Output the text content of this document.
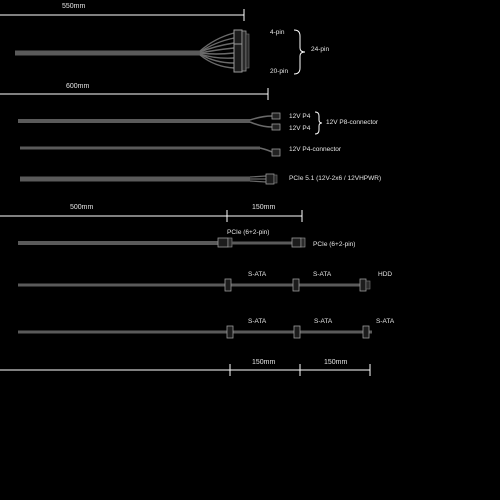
550mm
600mm
500mm	150mm
150mm	150mm
4-pin
20-pin
24-pin
12V P4
12V P4
12V P8-connector
12V P4-connector
PCIe 5.1 (12V-2x6 / 12VHPWR)
PCIe (6+2-pin)
PCIe (6+2-pin)
S-ATA	S-ATA	HDD
S-ATA	S-ATA	S-ATA
